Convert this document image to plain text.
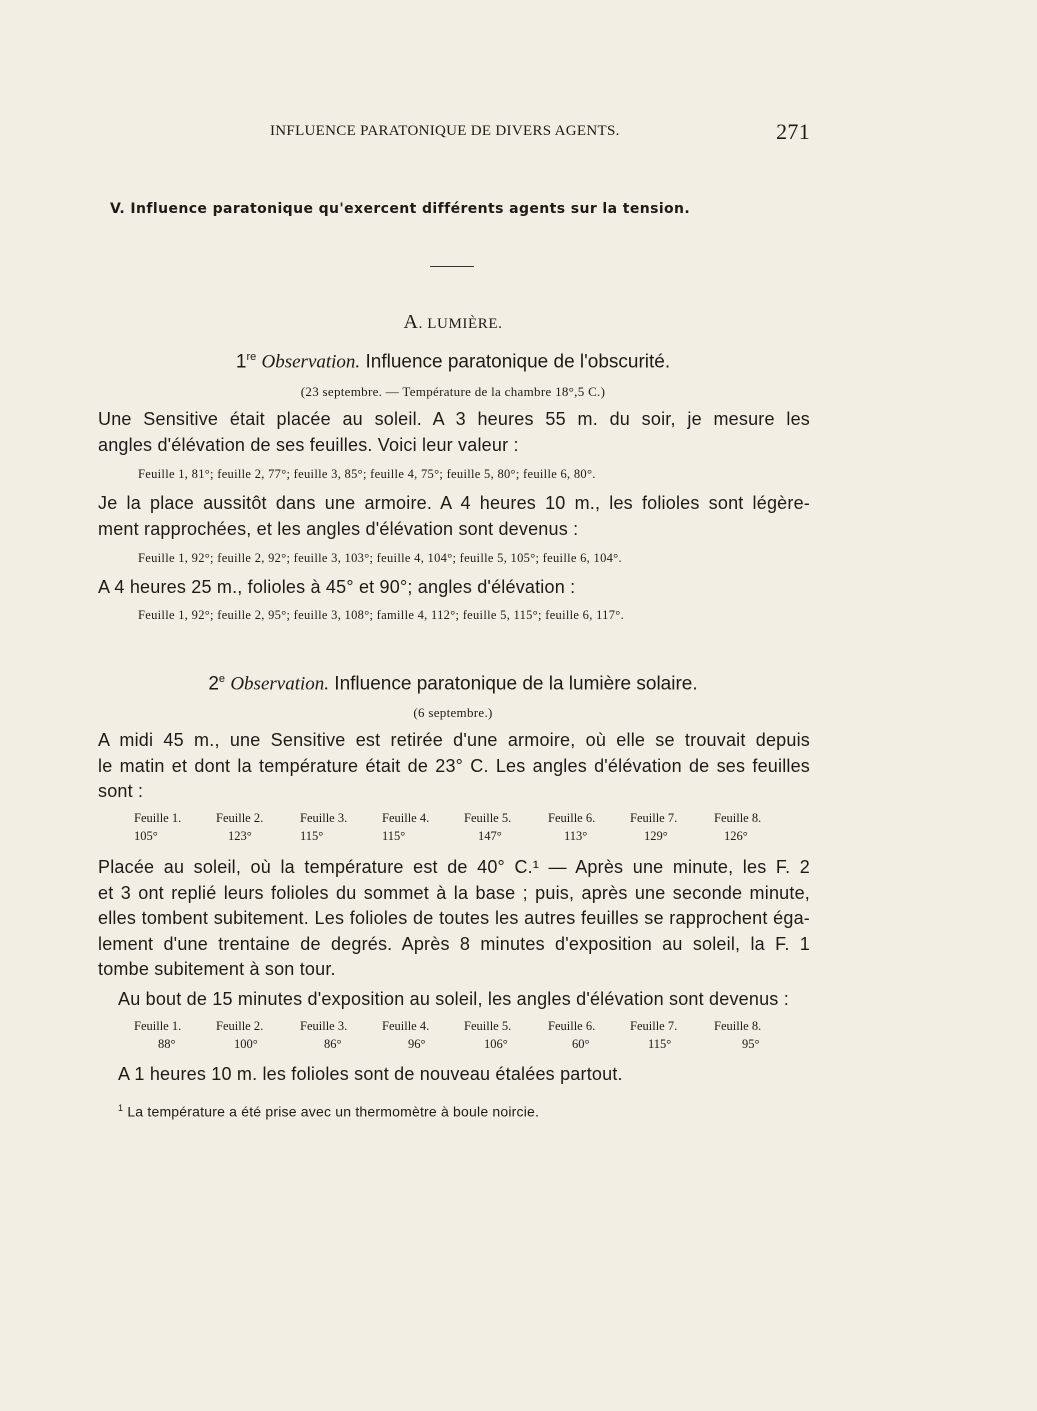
INFLUENCE PARATONIQUE DE DIVERS AGENTS.	271
V. Influence paratonique qu'exercent différents agents sur la tension.
A. LUMIÈRE.
1re Observation. Influence paratonique de l'obscurité.
(23 septembre. — Température de la chambre 18°,5 C.)
Une Sensitive était placée au soleil. A 3 heures 55 m. du soir, je mesure les
angles d'élévation de ses feuilles. Voici leur valeur :
Feuille 1, 81°; feuille 2, 77°; feuille 3, 85°; feuille 4, 75°; feuille 5, 80°; feuille 6, 80°.
Je la place aussitôt dans une armoire. A 4 heures 10 m., les folioles sont légère-
ment rapprochées, et les angles d'élévation sont devenus :
Feuille 1, 92°; feuille 2, 92°; feuille 3, 103°; feuille 4, 104°; feuille 5, 105°; feuille 6, 104°.
A 4 heures 25 m., folioles à 45° et 90°; angles d'élévation :
Feuille 1, 92°; feuille 2, 95°; feuille 3, 108°; famille 4, 112°; feuille 5, 115°; feuille 6, 117°.
2e Observation. Influence paratonique de la lumière solaire.
(6 septembre.)
A midi 45 m., une Sensitive est retirée d'une armoire, où elle se trouvait depuis
le matin et dont la température était de 23° C. Les angles d'élévation de ses feuilles
sont :
Feuille 1.	Feuille 2.	Feuille 3.	Feuille 4.	Feuille 5.	Feuille 6.	Feuille 7.	Feuille 8.
105°	123°	115°	115°	147°	113°	129°	126°
Placée au soleil, où la température est de 40° C.¹ — Après une minute, les F. 2
et 3 ont replié leurs folioles du sommet à la base ; puis, après une seconde minute,
elles tombent subitement. Les folioles de toutes les autres feuilles se rapprochent éga-
lement d'une trentaine de degrés. Après 8 minutes d'exposition au soleil, la F. 1
tombe subitement à son tour.
Au bout de 15 minutes d'exposition au soleil, les angles d'élévation sont devenus :
Feuille 1.	Feuille 2.	Feuille 3.	Feuille 4.	Feuille 5.	Feuille 6.	Feuille 7.	Feuille 8.
88°	100°	86°	96°	106°	60°	115°	95°
A 1 heures 10 m. les folioles sont de nouveau étalées partout.
$^1$ La température a été prise avec un thermomètre à boule noircie.
